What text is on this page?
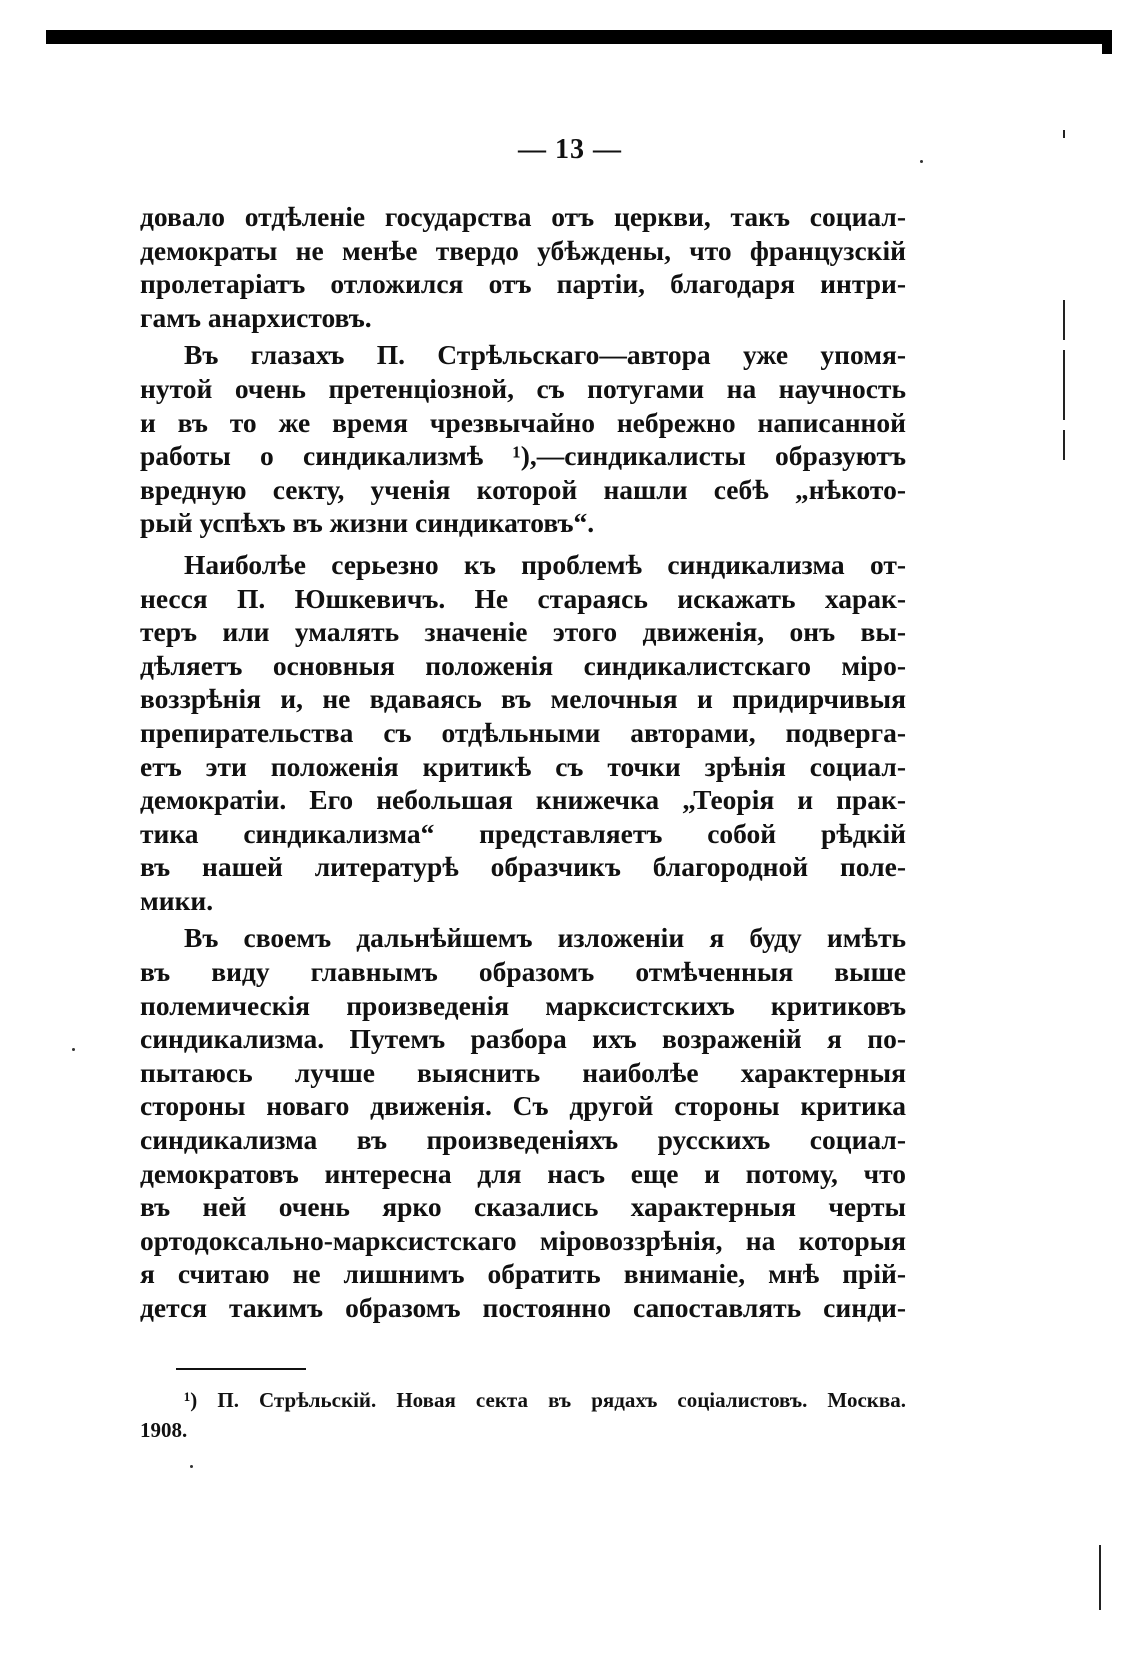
— 13 —
довало отдѣленіе государства отъ церкви, такъ социал-
демократы не менѣе твердо убѣждены, что французскій
пролетаріатъ отложился отъ партіи, благодаря интри-
гамъ анархистовъ.
Въ глазахъ П. Стрѣльскаго—автора уже упомя-
нутой очень претенціозной, съ потугами на научность
и въ то же время чрезвычайно небрежно написанной
работы о синдикализмѣ ¹),—синдикалисты образуютъ
вредную секту, ученія которой нашли себѣ „нѣкото-
рый успѣхъ въ жизни синдикатовъ“.
Наиболѣе серьезно къ проблемѣ синдикализма от-
несся П. Юшкевичъ. Не стараясь искажать харак-
теръ или умалять значеніе этого движенія, онъ вы-
дѣляетъ основныя положенія синдикалистскаго міро-
воззрѣнія и, не вдаваясь въ мелочныя и придирчивыя
препирательства съ отдѣльными авторами, подверга-
етъ эти положенія критикѣ съ точки зрѣнія социал-
демократіи. Его небольшая книжечка „Теорія и прак-
тика синдикализма“ представляетъ собой рѣдкій
въ нашей литературѣ образчикъ благородной поле-
мики.
Въ своемъ дальнѣйшемъ изложеніи я буду имѣть
въ виду главнымъ образомъ отмѣченныя выше
полемическія произведенія марксистскихъ критиковъ
синдикализма. Путемъ разбора ихъ возраженій я по-
пытаюсь лучше выяснить наиболѣе характерныя
стороны новаго движенія. Съ другой стороны критика
синдикализма въ произведеніяхъ русскихъ социал-
демократовъ интересна для насъ еще и потому, что
въ ней очень ярко сказались характерныя черты
ортодоксально-марксистскаго міровоззрѣнія, на которыя
я считаю не лишнимъ обратить вниманіе, мнѣ прій-
дется такимъ образомъ постоянно сапоставлять синди-
¹) П. Стрѣльскій. Новая секта въ рядахъ соціалистовъ. Москва.
1908.
